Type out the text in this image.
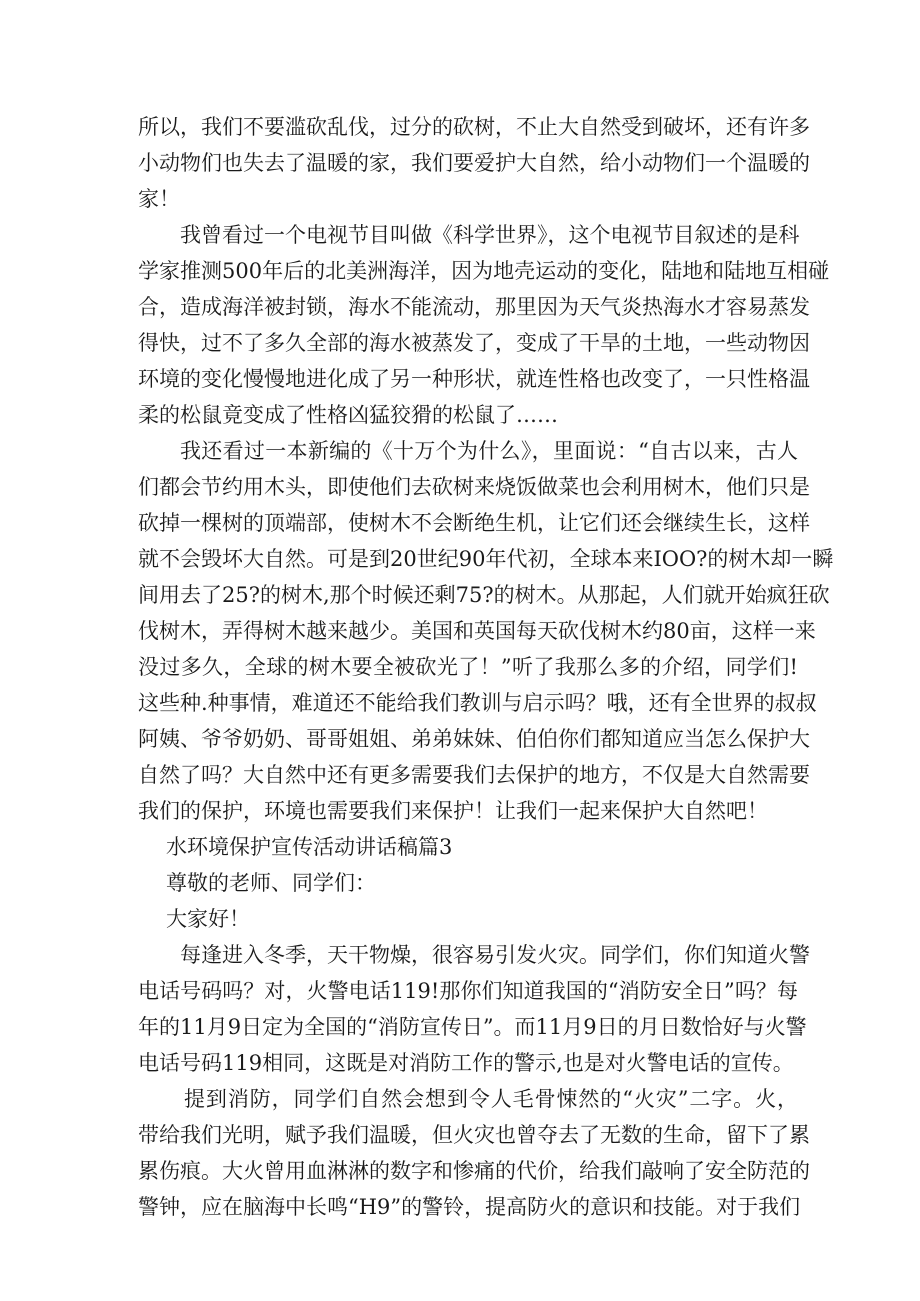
所以，我们不要滥砍乱伐，过分的砍树，不止大自然受到破坏，还有许多

小动物们也失去了温暖的家，我们要爱护大自然，给小动物们一个温暖的

家！

我曾看过一个电视节目叫做《科学世界》，这个电视节目叙述的是科

学家推测500年后的北美洲海洋，因为地壳运动的变化，陆地和陆地互相碰

合，造成海洋被封锁，海水不能流动，那里因为天气炎热海水才容易蒸发

得快，过不了多久全部的海水被蒸发了，变成了干旱的土地，一些动物因

环境的变化慢慢地进化成了另一种形状，就连性格也改变了，一只性格温

柔的松鼠竟变成了性格凶猛狡猾的松鼠了……

我还看过一本新编的《十万个为什么》，里面说：“自古以来，古人

们都会节约用木头，即使他们去砍树来烧饭做菜也会利用树木，他们只是

砍掉一棵树的顶端部，使树木不会断绝生机，让它们还会继续生长，这样

就不会毁坏大自然。可是到20世纪90年代初，全球本来IOO?的树木却一瞬

间用去了25?的树木,那个时候还剩75?的树木。从那起，人们就开始疯狂砍

伐树木，弄得树木越来越少。美国和英国每天砍伐树木约80亩，这样一来

没过多久，全球的树木要全被砍光了！”听了我那么多的介绍，同学们!

这些种.种事情，难道还不能给我们教训与启示吗？哦，还有全世界的叔叔

阿姨、爷爷奶奶、哥哥姐姐、弟弟妹妹、伯伯你们都知道应当怎么保护大

自然了吗？大自然中还有更多需要我们去保护的地方，不仅是大自然需要

我们的保护，环境也需要我们来保护！让我们一起来保护大自然吧！

水环境保护宣传活动讲话稿篇3

尊敬的老师、同学们：

大家好！

每逢进入冬季，天干物燥，很容易引发火灾。同学们，你们知道火警

电话号码吗？对，火警电话119!那你们知道我国的“消防安全日”吗？每

年的11月9日定为全国的“消防宣传日”。而11月9日的月日数恰好与火警

电话号码119相同，这既是对消防工作的警示,也是对火警电话的宣传。

提到消防，同学们自然会想到令人毛骨悚然的“火灾”二字。火，

带给我们光明，赋予我们温暖，但火灾也曾夺去了无数的生命，留下了累

累伤痕。大火曾用血淋淋的数字和惨痛的代价，给我们敲响了安全防范的

警钟，应在脑海中长鸣“H9”的警铃，提高防火的意识和技能。对于我们
